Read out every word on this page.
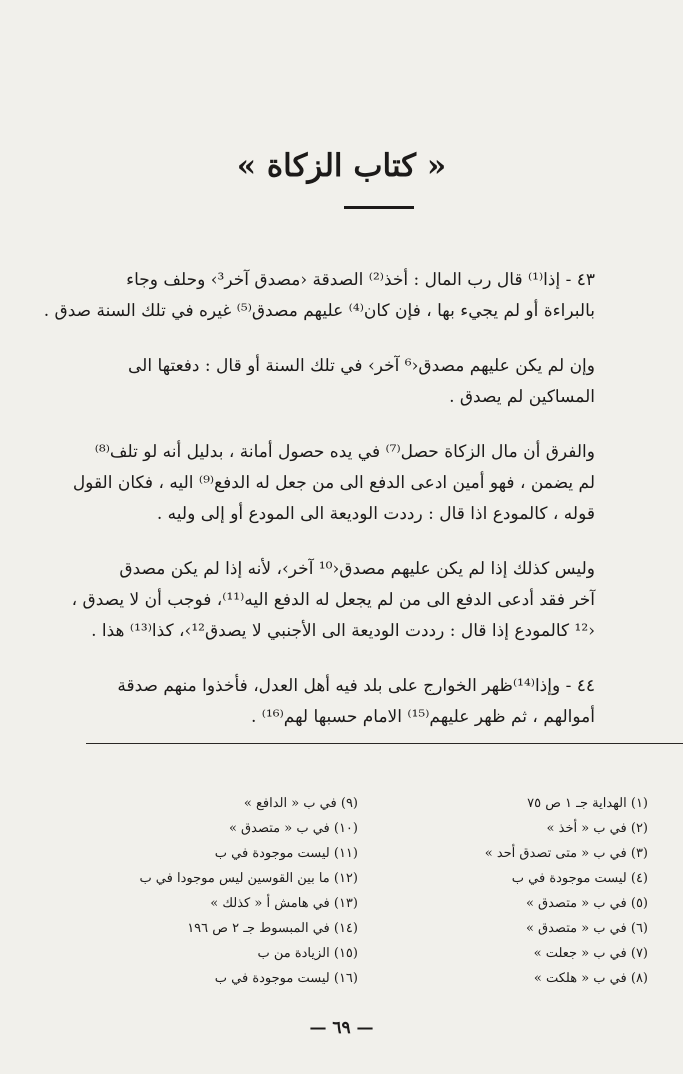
« كتاب الزكاة »

٤٣ - إذا⁽¹⁾ قال رب المال : أخذ⁽²⁾ الصدقة ‹مصدق آخر³› وحلف وجاء
بالبراءة أو لم يجيء بها ، فإن كان⁽⁴⁾ عليهم مصدق⁽⁵⁾ غيره في تلك السنة صدق .

وإن لم يكن عليهم مصدق‹⁶ آخر› في تلك السنة أو قال : دفعتها الى
المساكين لم يصدق .

والفرق أن مال الزكاة حصل⁽⁷⁾ في يده حصول أمانة ، بدليل أنه لو تلف⁽⁸⁾
لم يضمن ، فهو أمين ادعى الدفع الى من جعل له الدفع⁽⁹⁾ اليه ، فكان القول
قوله ، كالمودع اذا قال : رددت الوديعة الى المودع أو إلى وليه .

وليس كذلك إذا لم يكن عليهم مصدق‹¹⁰ آخر›، لأنه إذا لم يكن مصدق
آخر فقد أدعى الدفع الى من لم يجعل له الدفع اليه⁽¹¹⁾، فوجب أن لا يصدق ،
‹¹² كالمودع إذا قال : رددت الوديعة الى الأجنبي لا يصدق¹²›، كذا⁽¹³⁾ هذا .

٤٤ - وإذا⁽¹⁴⁾ظهر الخوارج على بلد فيه أهل العدل، فأخذوا منهم صدقة
أموالهم ، ثم ظهر عليهم⁽¹⁵⁾ الامام حسبها لهم⁽¹⁶⁾ .

(١) الهداية جـ ١ ص ٧٥
(٢) في ب « أخذ »
(٣) في ب « متى تصدق أحد »
(٤) ليست موجودة في ب
(٥) في ب « متصدق »
(٦) في ب « متصدق »
(٧) في ب « جعلت »
(٨) في ب « هلكت »
(٩) في ب « الدافع »
(١٠) في ب « متصدق »
(١١) ليست موجودة في ب
(١٢) ما بين القوسين ليس موجودا في ب
(١٣) في هامش أ « كذلك »
(١٤) في المبسوط جـ ٢ ص ١٩٦
(١٥) الزيادة من ب
(١٦) ليست موجودة في ب
— ٦٩ —
